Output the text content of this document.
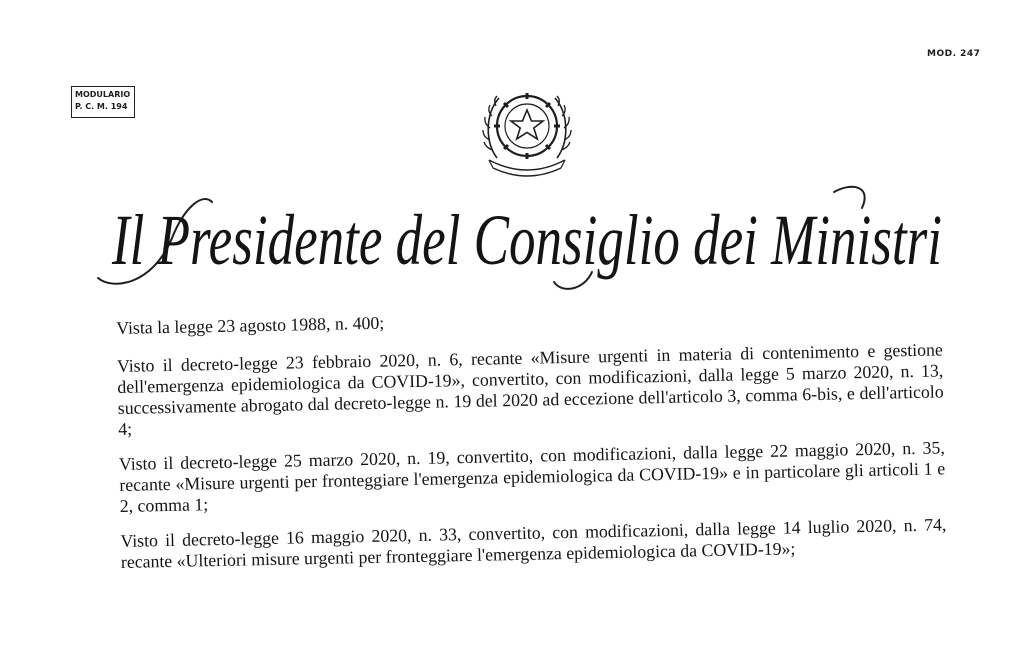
MOD. 247
MODULARIO
P. C. M. 194
Il Presidente del Consiglio dei Ministri

Vista la legge 23 agosto 1988, n. 400;

Visto il decreto-legge 23 febbraio 2020, n. 6, recante «Misure urgenti in materia di contenimento e gestione dell'emergenza epidemiologica da COVID-19», convertito, con modificazioni, dalla legge 5 marzo 2020, n. 13, successivamente abrogato dal decreto-legge n. 19 del 2020 ad eccezione dell'articolo 3, comma 6-bis, e dell'articolo 4;

Visto il decreto-legge 25 marzo 2020, n. 19, convertito, con modificazioni, dalla legge 22 maggio 2020, n. 35, recante «Misure urgenti per fronteggiare l'emergenza epidemiologica da COVID-19» e in particolare gli articoli 1 e 2, comma 1;

Visto il decreto-legge 16 maggio 2020, n. 33, convertito, con modificazioni, dalla legge 14 luglio 2020, n. 74, recante «Ulteriori misure urgenti per fronteggiare l'emergenza epidemiologica da COVID-19»;
